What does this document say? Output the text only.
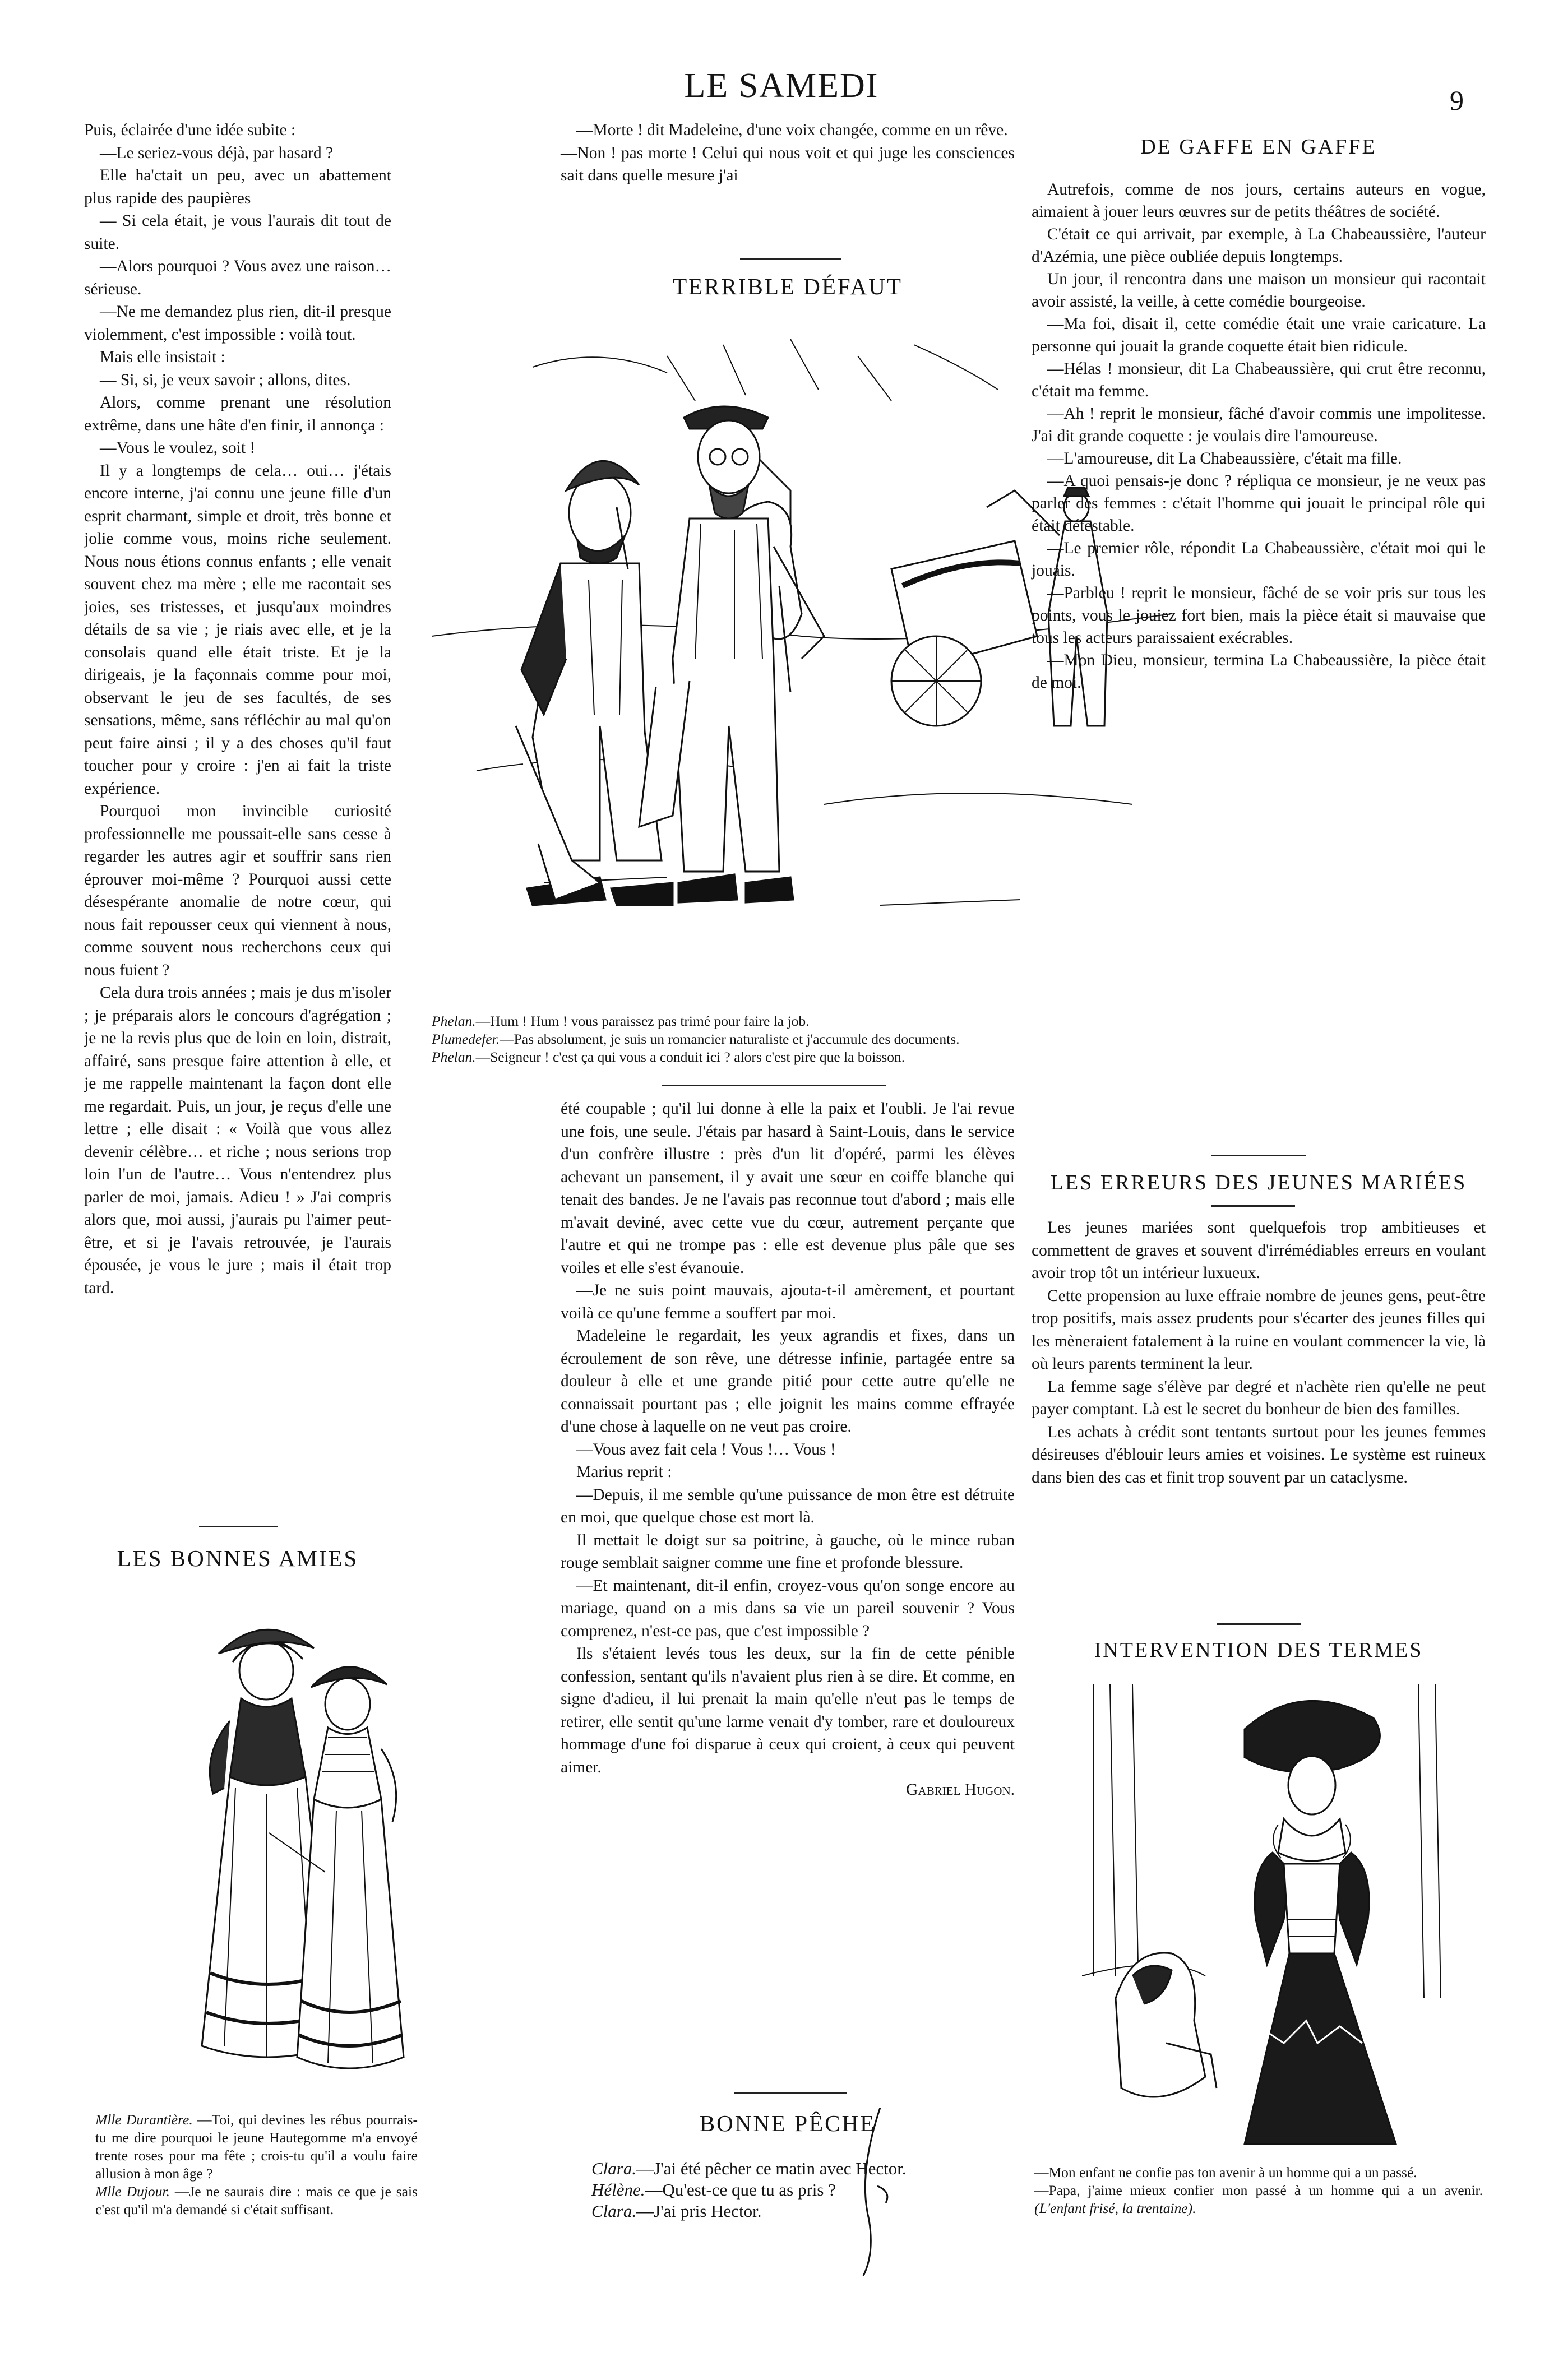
LE SAMEDI	9

Puis, éclairée d'une idée subite :

—Le seriez-vous déjà, par hasard ?

Elle ha'ctait un peu, avec un abattement plus rapide des paupières

— Si cela était, je vous l'aurais dit tout de suite.

—Alors pourquoi ? Vous avez une raison… sérieuse.

—Ne me demandez plus rien, dit-il presque violemment, c'est impossible : voilà tout.

Mais elle insistait :

— Si, si, je veux savoir ; allons, dites.

Alors, comme prenant une résolution extrême, dans une hâte d'en finir, il annonça :

—Vous le voulez, soit !

Il y a longtemps de cela… oui… j'étais encore interne, j'ai connu une jeune fille d'un esprit charmant, simple et droit, très bonne et jolie comme vous, moins riche seulement. Nous nous étions connus enfants ; elle venait souvent chez ma mère ; elle me racontait ses joies, ses tristesses, et jusqu'aux moindres détails de sa vie ; je riais avec elle, et je la consolais quand elle était triste. Et je la dirigeais, je la façonnais comme pour moi, observant le jeu de ses facultés, de ses sensations, même, sans réfléchir au mal qu'on peut faire ainsi ; il y a des choses qu'il faut toucher pour y croire : j'en ai fait la triste expérience.

Pourquoi mon invincible curiosité professionnelle me poussait-elle sans cesse à regarder les autres agir et souffrir sans rien éprouver moi-même ? Pourquoi aussi cette désespérante anomalie de notre cœur, qui nous fait repousser ceux qui viennent à nous, comme souvent nous recherchons ceux qui nous fuient ?

Cela dura trois années ; mais je dus m'isoler ; je préparais alors le concours d'agrégation ; je ne la revis plus que de loin en loin, distrait, affairé, sans presque faire attention à elle, et je me rappelle maintenant la façon dont elle me regardait. Puis, un jour, je reçus d'elle une lettre ; elle disait : « Voilà que vous allez devenir célèbre… et riche ; nous serions trop loin l'un de l'autre… Vous n'entendrez plus parler de moi, jamais. Adieu ! » J'ai compris alors que, moi aussi, j'aurais pu l'aimer peut-être, et si je l'avais retrouvée, je l'aurais épousée, je vous le jure ; mais il était trop tard.

LES BONNES AMIES

Mlle Durantière. —Toi, qui devines les rébus pourrais-tu me dire pourquoi le jeune Hautegomme m'a envoyé trente roses pour ma fête ; crois-tu qu'il a voulu faire allusion à mon âge ?

Mlle Dujour. —Je ne saurais dire : mais ce que je sais c'est qu'il m'a demandé si c'était suffisant.

—Morte ! dit Madeleine, d'une voix changée, comme en un rêve.

—Non ! pas morte ! Celui qui nous voit et qui juge les consciences sait dans quelle mesure j'ai

TERRIBLE DÉFAUT

Phelan.—Hum ! Hum ! vous paraissez pas trimé pour faire la job.

Plumedefer.—Pas absolument, je suis un romancier naturaliste et j'accumule des documents.

Phelan.—Seigneur ! c'est ça qui vous a conduit ici ? alors c'est pire que la boisson.

été coupable ; qu'il lui donne à elle la paix et l'oubli. Je l'ai revue une fois, une seule. J'étais par hasard à Saint-Louis, dans le service d'un confrère illustre : près d'un lit d'opéré, parmi les élèves achevant un pansement, il y avait une sœur en coiffe blanche qui tenait des bandes. Je ne l'avais pas reconnue tout d'abord ; mais elle m'avait deviné, avec cette vue du cœur, autrement perçante que l'autre et qui ne trompe pas : elle est devenue plus pâle que ses voiles et elle s'est évanouie.

—Je ne suis point mauvais, ajouta-t-il amèrement, et pourtant voilà ce qu'une femme a souffert par moi.

Madeleine le regardait, les yeux agrandis et fixes, dans un écroulement de son rêve, une détresse infinie, partagée entre sa douleur à elle et une grande pitié pour cette autre qu'elle ne connaissait pourtant pas ; elle joignit les mains comme effrayée d'une chose à laquelle on ne veut pas croire.

—Vous avez fait cela ! Vous !… Vous !

Marius reprit :

—Depuis, il me semble qu'une puissance de mon être est détruite en moi, que quelque chose est mort là.

Il mettait le doigt sur sa poitrine, à gauche, où le mince ruban rouge semblait saigner comme une fine et profonde blessure.

—Et maintenant, dit-il enfin, croyez-vous qu'on songe encore au mariage, quand on a mis dans sa vie un pareil souvenir ? Vous comprenez, n'est-ce pas, que c'est impossible ?

Ils s'étaient levés tous les deux, sur la fin de cette pénible confession, sentant qu'ils n'avaient plus rien à se dire. Et comme, en signe d'adieu, il lui prenait la main qu'elle n'eut pas le temps de retirer, elle sentit qu'une larme venait d'y tomber, rare et douloureux hommage d'une foi disparue à ceux qui croient, à ceux qui peuvent aimer.

Gabriel Hugon.

BONNE PÊCHE

Clara.—J'ai été pêcher ce matin avec Hector.

Hélène.—Qu'est-ce que tu as pris ?

Clara.—J'ai pris Hector.

DE GAFFE EN GAFFE

Autrefois, comme de nos jours, certains auteurs en vogue, aimaient à jouer leurs œuvres sur de petits théâtres de société.

C'était ce qui arrivait, par exemple, à La Chabeaussière, l'auteur d'Azémia, une pièce oubliée depuis longtemps.

Un jour, il rencontra dans une maison un monsieur qui racontait avoir assisté, la veille, à cette comédie bourgeoise.

—Ma foi, disait il, cette comédie était une vraie caricature. La personne qui jouait la grande coquette était bien ridicule.

—Hélas ! monsieur, dit La Chabeaussière, qui crut être reconnu, c'était ma femme.

—Ah ! reprit le monsieur, fâché d'avoir commis une impolitesse. J'ai dit grande coquette : je voulais dire l'amoureuse.

—L'amoureuse, dit La Chabeaussière, c'était ma fille.

—A quoi pensais-je donc ? répliqua ce monsieur, je ne veux pas parler des femmes : c'était l'homme qui jouait le principal rôle qui était détestable.

—Le premier rôle, répondit La Chabeaussière, c'était moi qui le jouais.

—Parbleu ! reprit le monsieur, fâché de se voir pris sur tous les points, vous le jouiez fort bien, mais la pièce était si mauvaise que tous les acteurs paraissaient exécrables.

—Mon Dieu, monsieur, termina La Chabeaussière, la pièce était de moi.

LES ERREURS DES JEUNES MARIÉES

Les jeunes mariées sont quelquefois trop ambitieuses et commettent de graves et souvent d'irrémédiables erreurs en voulant avoir trop tôt un intérieur luxueux.

Cette propension au luxe effraie nombre de jeunes gens, peut-être trop positifs, mais assez prudents pour s'écarter des jeunes filles qui les mèneraient fatalement à la ruine en voulant commencer la vie, là où leurs parents terminent la leur.

La femme sage s'élève par degré et n'achète rien qu'elle ne peut payer comptant. Là est le secret du bonheur de bien des familles.

Les achats à crédit sont tentants surtout pour les jeunes femmes désireuses d'éblouir leurs amies et voisines. Le système est ruineux dans bien des cas et finit trop souvent par un cataclysme.

INTERVENTION DES TERMES

—Mon enfant ne confie pas ton avenir à un homme qui a un passé.

—Papa, j'aime mieux confier mon passé à un homme qui a un avenir. (L'enfant frisé, la trentaine).
